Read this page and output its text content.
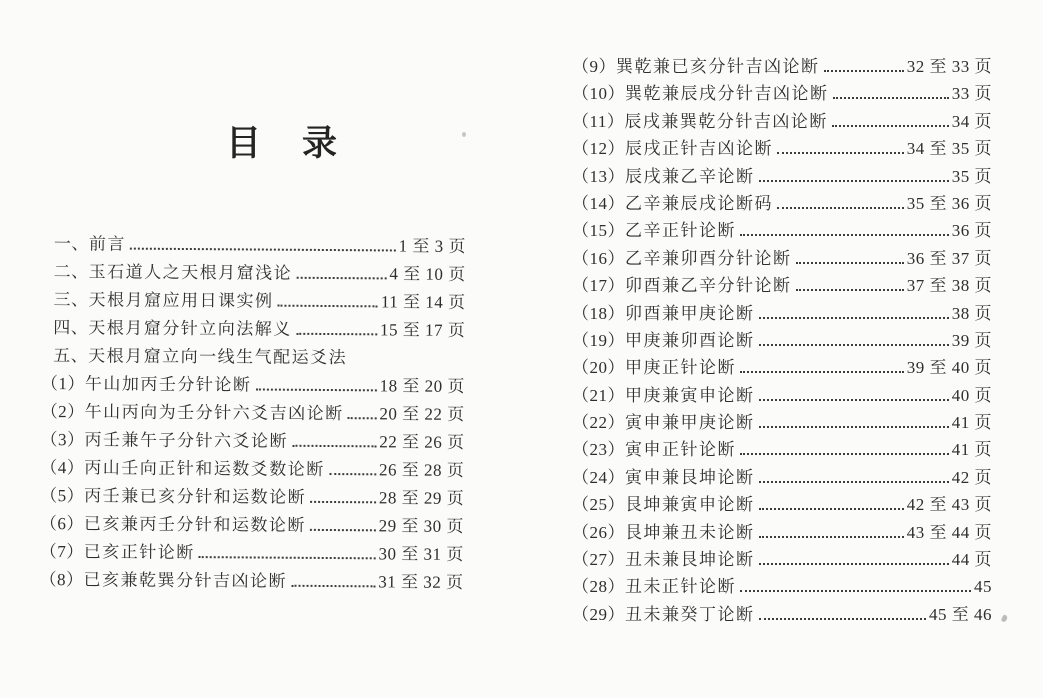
目　录
一、 前言	1 至 3 页
二、 玉石道人之天根月窟浅论	4 至 10 页
三、 天根月窟应用日课实例	11 至 14 页
四、 天根月窟分针立向法解义	15 至 17 页
五、 天根月窟立向一线生气配运爻法
（1） 午山加丙壬分针论断	18 至 20 页
（2） 午山丙向为壬分针六爻吉凶论断 20 至 22 页
（3） 丙壬兼午子分针六爻论断	22 至 26 页
（4） 丙山壬向正针和运数爻数论断	26 至 28 页
（5） 丙壬兼已亥分针和运数论断	28 至 29 页
（6） 已亥兼丙壬分针和运数论断	29 至 30 页
（7） 已亥正针论断	30 至 31 页
（8） 已亥兼乾巽分针吉凶论断	31 至 32 页
（9） 巽乾兼已亥分针吉凶论断	32 至 33 页
（10） 巽乾兼辰戌分针吉凶论断	33 页
（11） 辰戌兼巽乾分针吉凶论断	34 页
（12） 辰戌正针吉凶论断	34 至 35 页
（13） 辰戌兼乙辛论断	35 页
（14） 乙辛兼辰戌论断码	35 至 36 页
（15） 乙辛正针论断	36 页
（16） 乙辛兼卯酉分针论断	36 至 37 页
（17） 卯酉兼乙辛分针论断	37 至 38 页
（18） 卯酉兼甲庚论断	38 页
（19） 甲庚兼卯酉论断	39 页
（20） 甲庚正针论断	39 至 40 页
（21） 甲庚兼寅申论断	40 页
（22） 寅申兼甲庚论断	41 页
（23） 寅申正针论断	41 页
（24） 寅申兼艮坤论断	42 页
（25） 艮坤兼寅申论断	42 至 43 页
（26） 艮坤兼丑未论断	43 至 44 页
（27） 丑未兼艮坤论断	44 页
（28） 丑未正针论断	45
（29） 丑未兼癸丁论断	45 至 46
